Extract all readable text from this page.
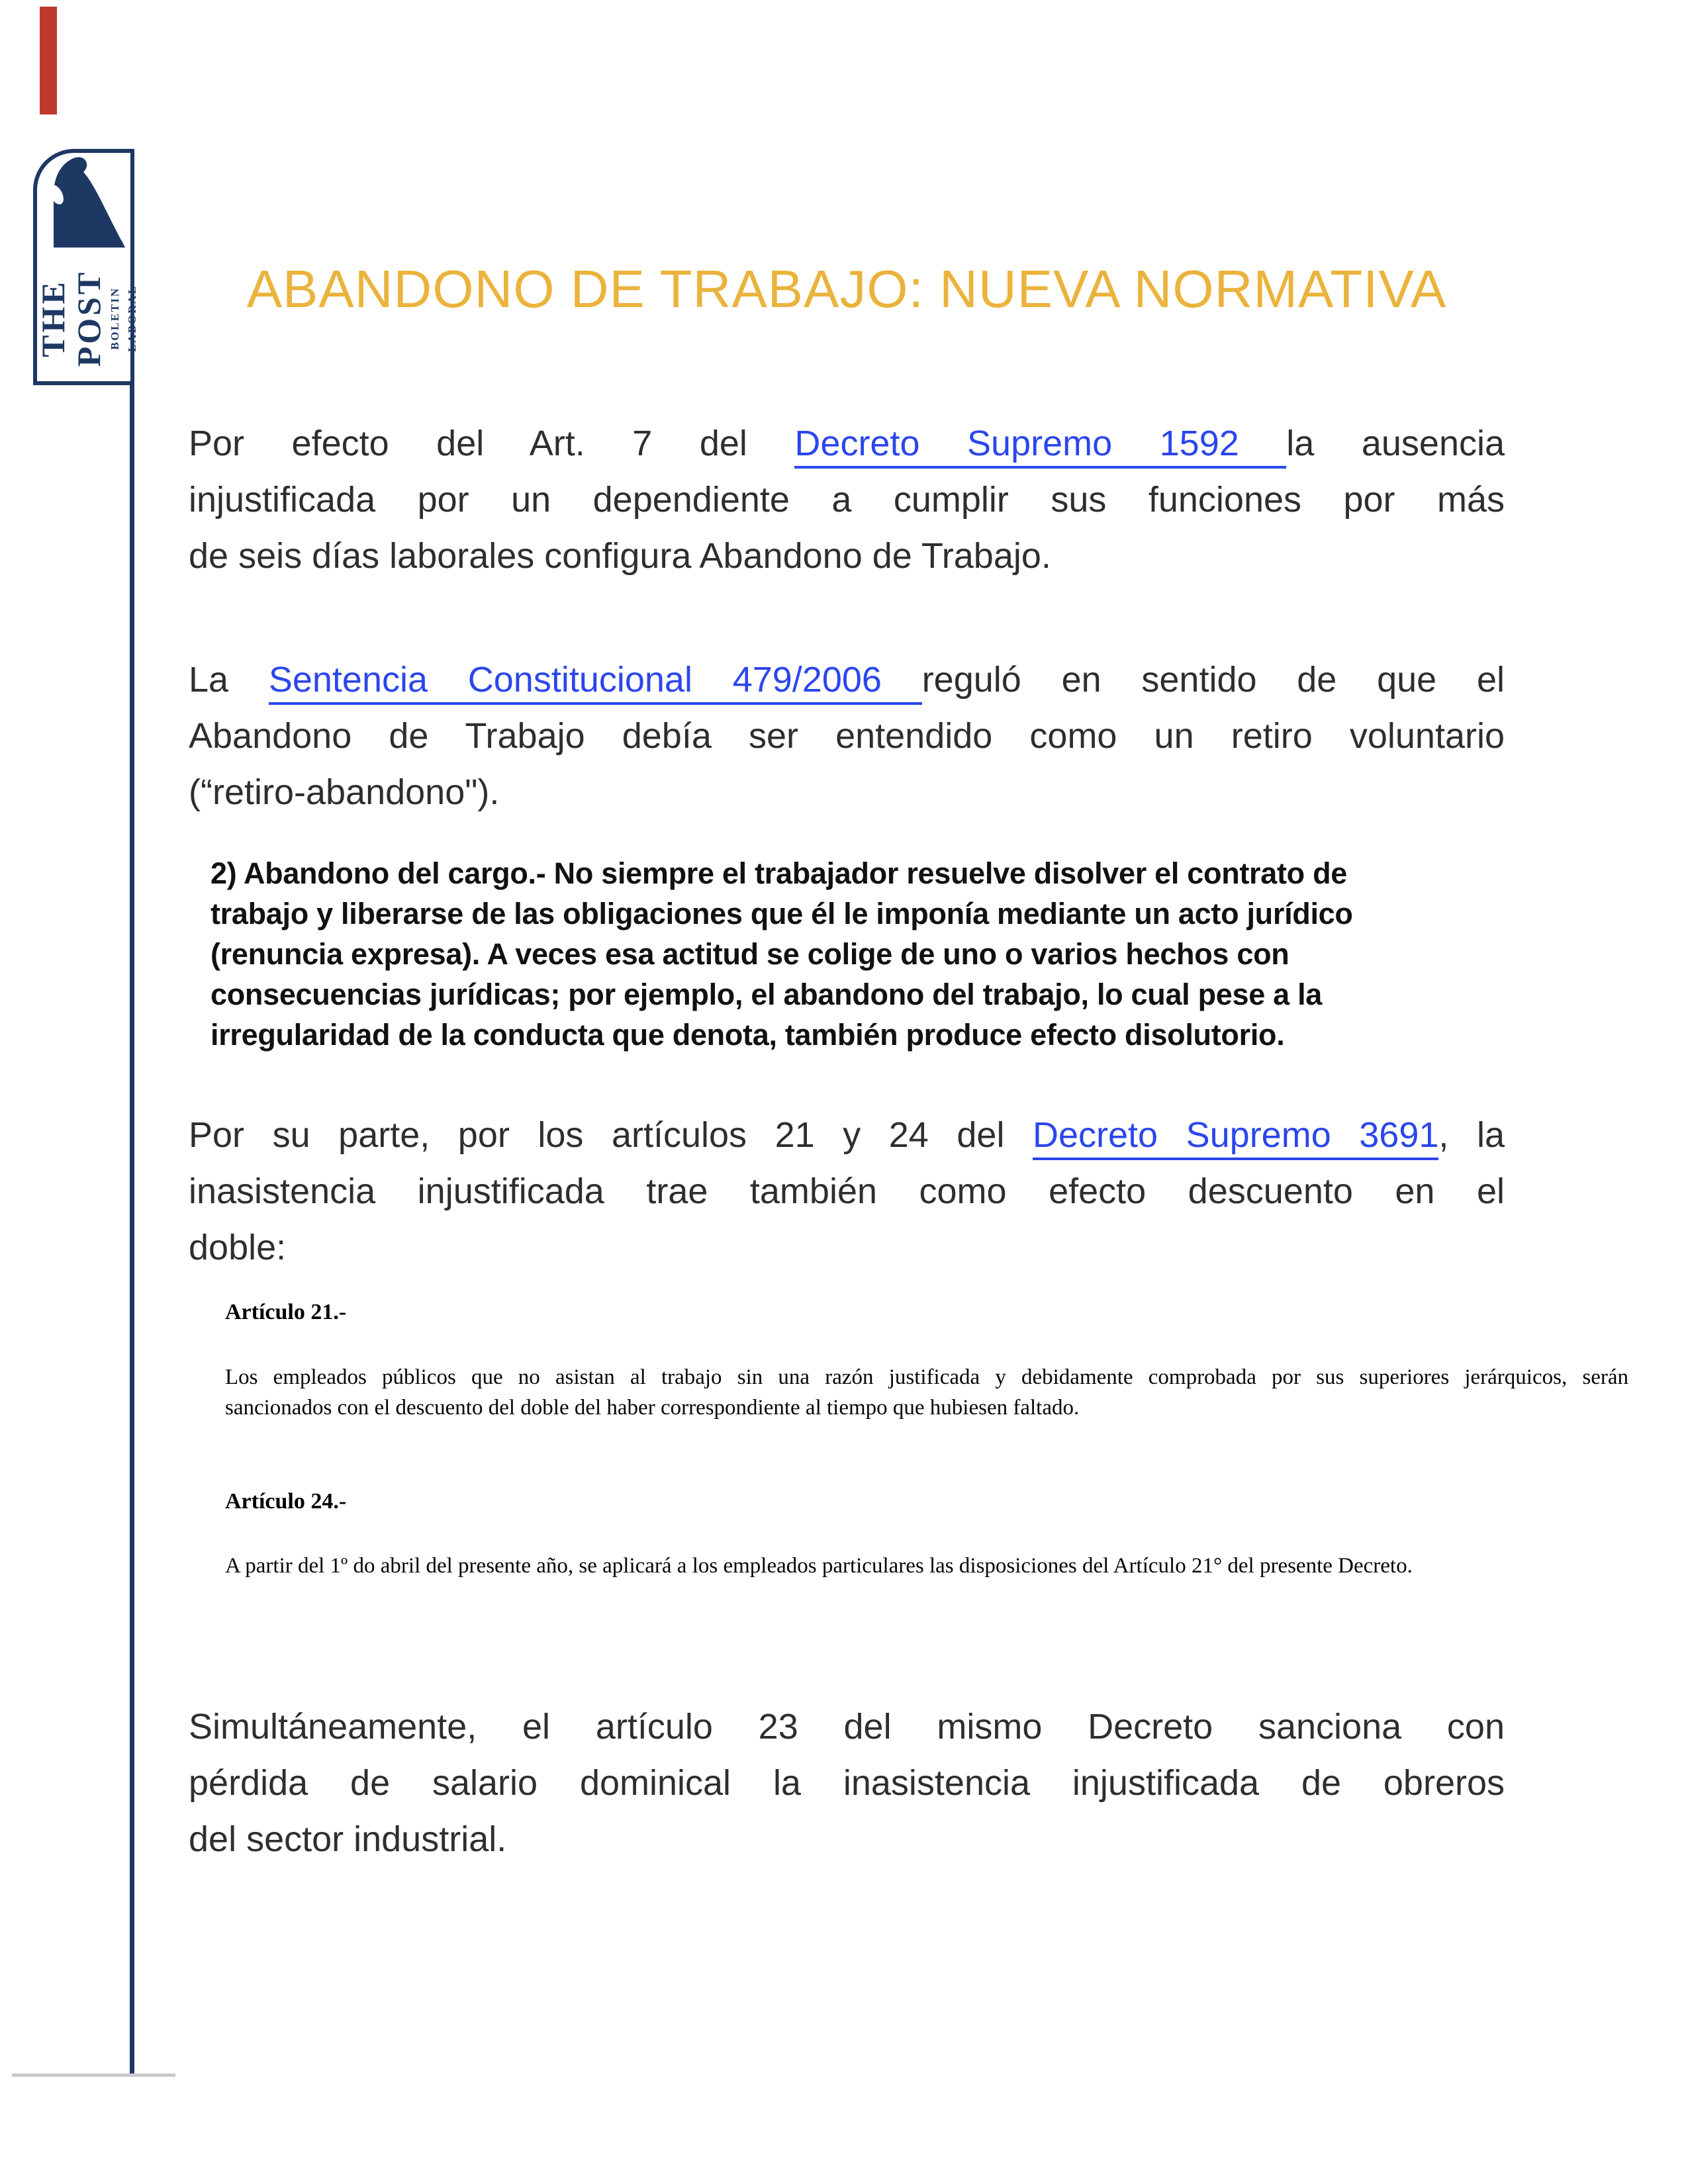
THE
POST BOLETIN LABORAL	ABANDONO DE TRABAJO: NUEVA NORMATIVA
Por efecto del Art. 7 del Decreto Supremo 1592 la ausencia
injustificada por un dependiente a cumplir sus funciones por más
de seis días laborales configura Abandono de Trabajo.
La Sentencia Constitucional 479/2006 reguló en sentido de que el
Abandono de Trabajo debía ser entendido como un retiro voluntario
(“retiro-abandono").
2) Abandono del cargo.- No siempre el trabajador resuelve disolver el contrato de
trabajo y liberarse de las obligaciones que él le imponía mediante un acto jurídico
(renuncia expresa). A veces esa actitud se colige de uno o varios hechos con
consecuencias jurídicas; por ejemplo, el abandono del trabajo, lo cual pese a la
irregularidad de la conducta que denota, también produce efecto disolutorio.
Por su parte, por los artículos 21 y 24 del Decreto Supremo 3691, la
inasistencia injustificada trae también como efecto descuento en el
doble:
Artículo 21.-
Los empleados públicos que no asistan al trabajo sin una razón justificada y debidamente comprobada por sus superiores jerárquicos, serán
sancionados con el descuento del doble del haber correspondiente al tiempo que hubiesen faltado.
Artículo 24.-
A partir del 1º do abril del presente año, se aplicará a los empleados particulares las disposiciones del Artículo 21° del presente Decreto.
Simultáneamente, el artículo 23 del mismo Decreto sanciona con
pérdida de salario dominical la inasistencia injustificada de obreros
del sector industrial.
